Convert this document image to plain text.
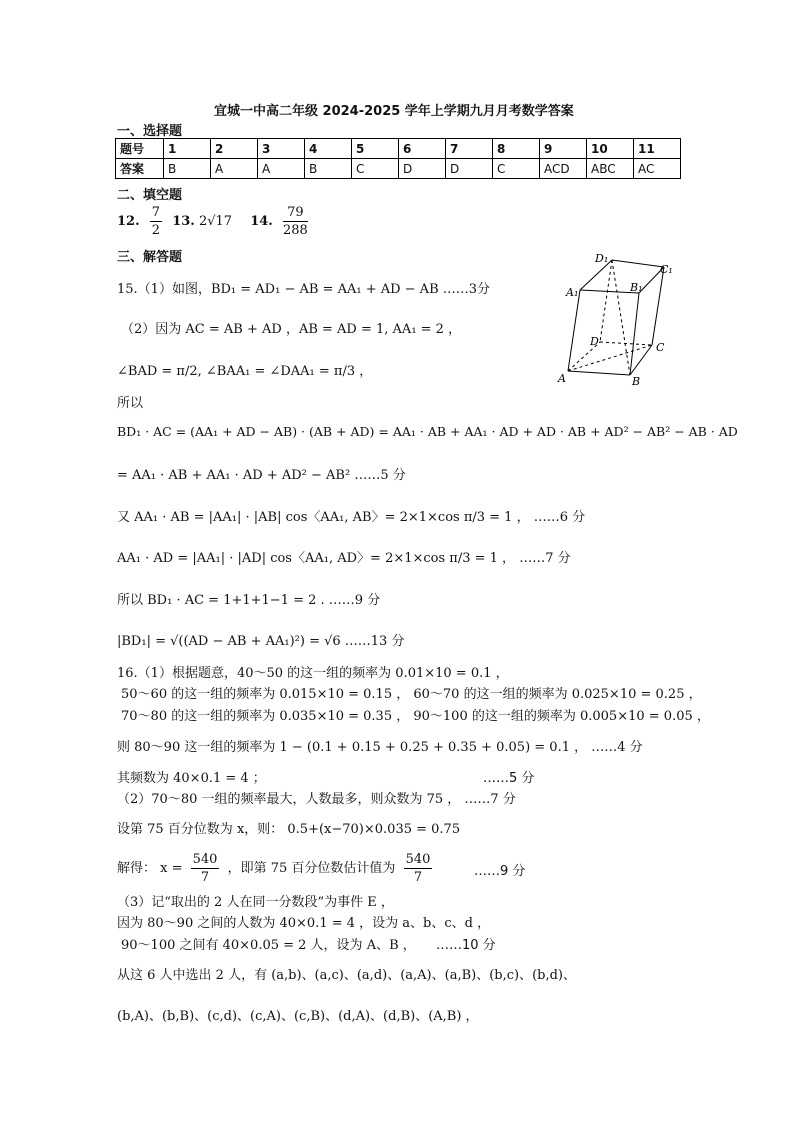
宜城一中高二年级 2024-2025 学年上学期九月月考数学答案
一、选择题
题号	1	2	3	4	5	6	7	8	9	10	11
答案	B	A	A	B	C	D	D	C	ACD	ABC	AC
二、填空题
12. $\frac{7}{2} 13$. 2√17 14. $\frac{79}{288}$
三、解答题	D₁
C₁
A₁	B₁
D	C
A	B
15.（1）如图，BD₁ = AD₁ − AB = AA₁ + AD − AB ……3分
（2）因为 AC = AB + AD ，AB = AD = 1, AA₁ = 2 ，
∠BAD = π/2, ∠BAA₁ = ∠DAA₁ = π/3 ，
所以
BD₁ · AC = (AA₁ + AD − AB) · (AB + AD) = AA₁ · AB + AA₁ · AD + AD · AB + AD² − AB² − AB · AD
= AA₁ · AB + AA₁ · AD + AD² − AB² ……5 分
又 AA₁ · AB = |AA₁| · |AB| cos〈AA₁, AB〉= 2×1×cos π/3 = 1 ， ……6 分
AA₁ · AD = |AA₁| · |AD| cos〈AA₁, AD〉= 2×1×cos π/3 = 1 ， ……7 分
所以 BD₁ · AC = 1+1+1−1 = 2 . ……9 分
|BD₁| = √((AD − AB + AA₁)²) = √6 ……13 分
16.（1）根据题意，40～50 的这一组的频率为 0.01×10 = 0.1 ，
50～60 的这一组的频率为 0.015×10 = 0.15 ， 60～70 的这一组的频率为 0.025×10 = 0.25 ，
70～80 的这一组的频率为 0.035×10 = 0.35 ， 90～100 的这一组的频率为 0.005×10 = 0.05 ，
则 80～90 这一组的频率为 1 − (0.1 + 0.15 + 0.25 + 0.35 + 0.05) = 0.1 ， ……4 分
其频数为 40×0.1 = 4 ；	……5 分
（2）70～80 一组的频率最大，人数最多，则众数为 75 ， ……7 分
设第 75 百分位数为 x，则： 0.5+(x−70)×0.035 = 0.75
解得： $x = \frac{540}{7}$ ，即第 75 百分位数估计值为 $\frac{540}{7}$	……9 分
（3）记“取出的 2 人在同一分数段”为事件 E ，
因为 80～90 之间的人数为 40×0.1 = 4 ，设为 a、b、c、d ，
90～100 之间有 40×0.05 = 2 人，设为 A、B ， ……10 分
从这 6 人中选出 2 人，有 (a,b)、(a,c)、(a,d)、(a,A)、(a,B)、(b,c)、(b,d)、
(b,A)、(b,B)、(c,d)、(c,A)、(c,B)、(d,A)、(d,B)、(A,B) ，
